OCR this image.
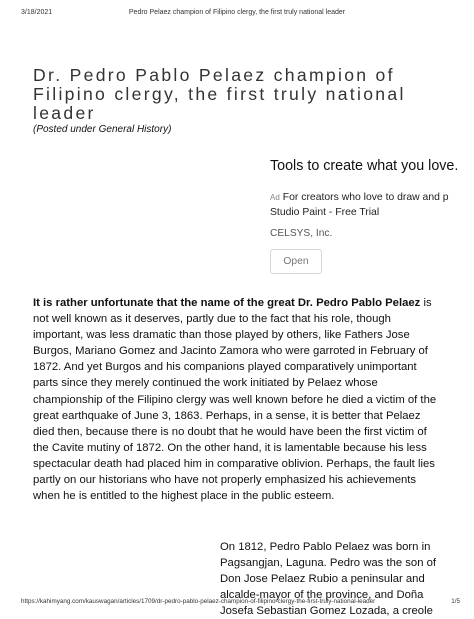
3/18/2021	Pedro Pelaez champion of Filipino clergy, the first truly national leader
Dr. Pedro Pablo Pelaez champion of Filipino clergy, the first truly national leader
(Posted under General History)
Tools to create what you love.
Ad For creators who love to draw and p
Studio Paint - Free Trial
CELSYS, Inc.
Open

It is rather unfortunate that the name of the great Dr. Pedro Pablo Pelaez is not well known as it deserves, partly due to the fact that his role, though important, was less dramatic than those played by others, like Fathers Jose Burgos, Mariano Gomez and Jacinto Zamora who were garroted in February of 1872. And yet Burgos and his companions played comparatively unimportant parts since they merely continued the work initiated by Pelaez whose championship of the Filipino clergy was well known before he died a victim of the great earthquake of June 3, 1863. Perhaps, in a sense, it is better that Pelaez died then, because there is no doubt that he would have been the first victim of the Cavite mutiny of 1872. On the other hand, it is lamentable because his less spectacular death had placed him in comparative oblivion. Perhaps, the fault lies partly on our historians who have not properly emphasized his achievements when he is entitled to the highest place in the public esteem.

On 1812, Pedro Pablo Pelaez was born in Pagsangjan, Laguna. Pedro was the son of Don Jose Pelaez Rubio a peninsular and alcalde-mayor of the province, and Doña Josefa Sebastian Gomez Lozada, a creole

https://kahimyang.com/kauswagan/articles/1709/dr-pedro-pablo-pelaez-champion-of-filipino-clergy-the-first-truly-national-leader	1/5
